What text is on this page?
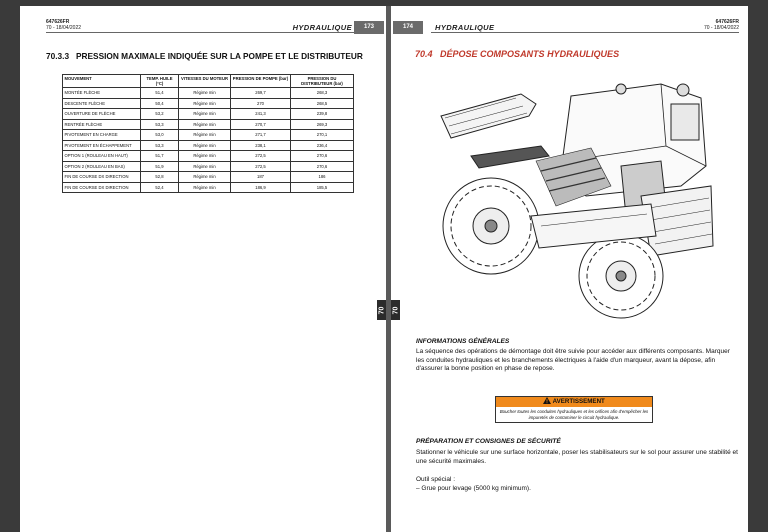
647626FR
70 - 18/04/2022	HYDRAULIQUE	173
70.3.3 PRESSION MAXIMALE INDIQUÉE SUR LA POMPE ET LE DISTRIBUTEUR
MOUVEMENT	TEMP. HUILE (°C)	VITESSES DU MOTEUR	PRESSION DE POMPE (bar)	PRESSION DU DISTRIBUTEUR (bar)
MONTÉE FLÈCHE	51,4	Régime min	269,7	268,3
DESCENTE FLÈCHE	50,4	Régime min	270	268,5
OUVERTURE DE FLÈCHE	53,2	Régime min	241,3	239,8
RENTRÉE FLÈCHE	53,3	Régime min	270,7	269,3
PIVOTEMENT EN CHARGE	53,0	Régime min	271,7	270,1
PIVOTEMENT EN ÉCHAPPEMENT	53,3	Régime min	238,1	236,4
OPTION 1 (ROULEAU EN HAUT)	51,7	Régime min	272,5	270,6
OPTION 2 (ROULEAU EN BAS)	51,9	Régime min	272,5	270,6
FIN DE COURSE DX DIRECTION	52,8	Régime min	187	186
FIN DE COURSE DX DIRECTION	52,4	Régime min	186,9	185,5
70
174	HYDRAULIQUE
647626FR
70 - 18/04/2022
70.4 DÉPOSE COMPOSANTS HYDRAULIQUES
70
INFORMATIONS GÉNÉRALES
La séquence des opérations de démontage doit être suivie pour accéder aux différents composants. Marquer les conduites hydrauliques et les branchements électriques à l'aide d'un marqueur, avant la dépose, afin d'assurer la bonne position en phase de repose.
AVERTISSEMENT
Boucher toutes les conduites hydrauliques et les orifices afin d'empêcher les impuretés de contaminer le circuit hydraulique.
PRÉPARATION ET CONSIGNES DE SÉCURITÉ
Stationner le véhicule sur une surface horizontale, poser les stabilisateurs sur le sol pour assurer une stabilité et une sécurité maximales.
Outil spécial :
– Grue pour levage (5000 kg minimum).
